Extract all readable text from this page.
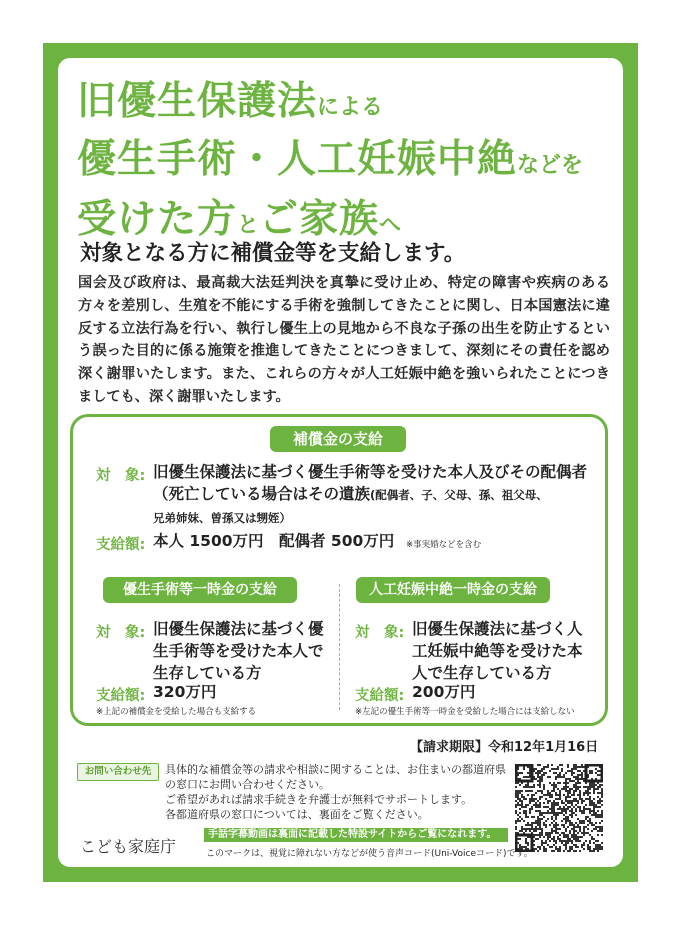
旧優生保護法による
優生手術・人工妊娠中絶などを
受けた方とご家族へ
対象となる方に補償金等を支給します。
国会及び政府は、最高裁大法廷判決を真摯に受け止め、特定の障害や疾病のある方々を差別し、生殖を不能にする手術を強制してきたことに関し、日本国憲法に違反する立法行為を行い、執行し優生上の見地から不良な子孫の出生を防止するという誤った目的に係る施策を推進してきたことにつきまして、深刻にその責任を認め深く謝罪いたします。また、これらの方々が人工妊娠中絶を強いられたことにつきましても、深く謝罪いたします。
補償金の支給
対　象: 旧優生保護法に基づく優生手術等を受けた本人及びその配偶者（死亡している場合はその遺族(配偶者、子、父母、孫、祖父母、
兄弟姉妹、曽孫又は甥姪）
支給額: 本人 1500万円　配偶者 500万円 ※事実婚などを含む
優生手術等一時金の支給
対　象: 旧優生保護法に基づく優生手術等を受けた本人で生存している方
支給額: 320万円
※上記の補償金を受給した場合も支給する
人工妊娠中絶一時金の支給
対　象: 旧優生保護法に基づく人工妊娠中絶等を受けた本人で生存している方
支給額: 200万円
※左記の優生手術等一時金を受給した場合には支給しない
【請求期限】令和12年1月16日
お問い合わせ先	具体的な補償金等の請求や相談に関することは、お住まいの都道府県
の窓口にお問い合わせください。
ご希望があれば請求手続きを弁護士が無料でサポートします。
各都道府県の窓口については、裏面をご覧ください。
こども家庭庁
手話字幕動画は裏面に記載した特設サイトからご覧になれます。
このマークは、視覚に障れない方などが使う音声コード(Uni-Voiceコード)です。
